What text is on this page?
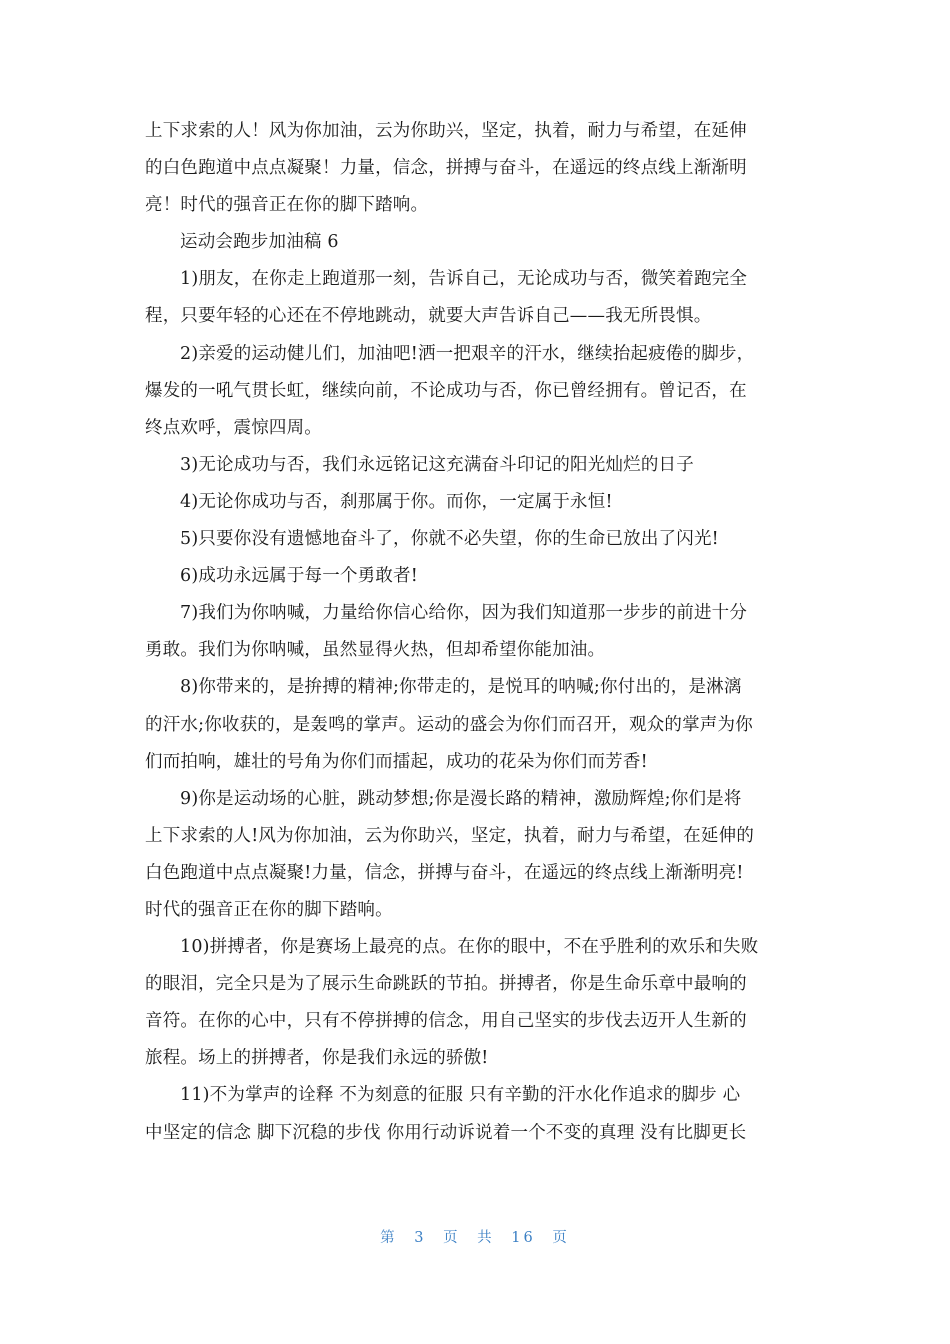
上下求索的人！风为你加油，云为你助兴，坚定，执着，耐力与希望，在延伸
的白色跑道中点点凝聚！力量，信念，拼搏与奋斗，在遥远的终点线上渐渐明
亮！时代的强音正在你的脚下踏响。
运动会跑步加油稿 6
1)朋友，在你走上跑道那一刻，告诉自己，无论成功与否，微笑着跑完全
程，只要年轻的心还在不停地跳动，就要大声告诉自己——我无所畏惧。
2)亲爱的运动健儿们，加油吧!洒一把艰辛的汗水，继续抬起疲倦的脚步，
爆发的一吼气贯长虹，继续向前，不论成功与否，你已曾经拥有。曾记否，在
终点欢呼，震惊四周。
3)无论成功与否，我们永远铭记这充满奋斗印记的阳光灿烂的日子
4)无论你成功与否，刹那属于你。而你，一定属于永恒!
5)只要你没有遗憾地奋斗了，你就不必失望，你的生命已放出了闪光!
6)成功永远属于每一个勇敢者!
7)我们为你呐喊，力量给你信心给你，因为我们知道那一步步的前进十分
勇敢。我们为你呐喊，虽然显得火热，但却希望你能加油。
8)你带来的，是拚搏的精神;你带走的，是悦耳的呐喊;你付出的，是淋漓
的汗水;你收获的，是轰鸣的掌声。运动的盛会为你们而召开，观众的掌声为你
们而拍响，雄壮的号角为你们而擂起，成功的花朵为你们而芳香!
9)你是运动场的心脏，跳动梦想;你是漫长路的精神，激励辉煌;你们是将
上下求索的人!风为你加油，云为你助兴，坚定，执着，耐力与希望，在延伸的
白色跑道中点点凝聚!力量，信念，拼搏与奋斗，在遥远的终点线上渐渐明亮!
时代的强音正在你的脚下踏响。
10)拼搏者，你是赛场上最亮的点。在你的眼中，不在乎胜利的欢乐和失败
的眼泪，完全只是为了展示生命跳跃的节拍。拼搏者，你是生命乐章中最响的
音符。在你的心中，只有不停拼搏的信念，用自己坚实的步伐去迈开人生新的
旅程。场上的拼搏者，你是我们永远的骄傲!
11)不为掌声的诠释 不为刻意的征服 只有辛勤的汗水化作追求的脚步 心
中坚定的信念 脚下沉稳的步伐 你用行动诉说着一个不变的真理 没有比脚更长
第 3 页 共 16 页
